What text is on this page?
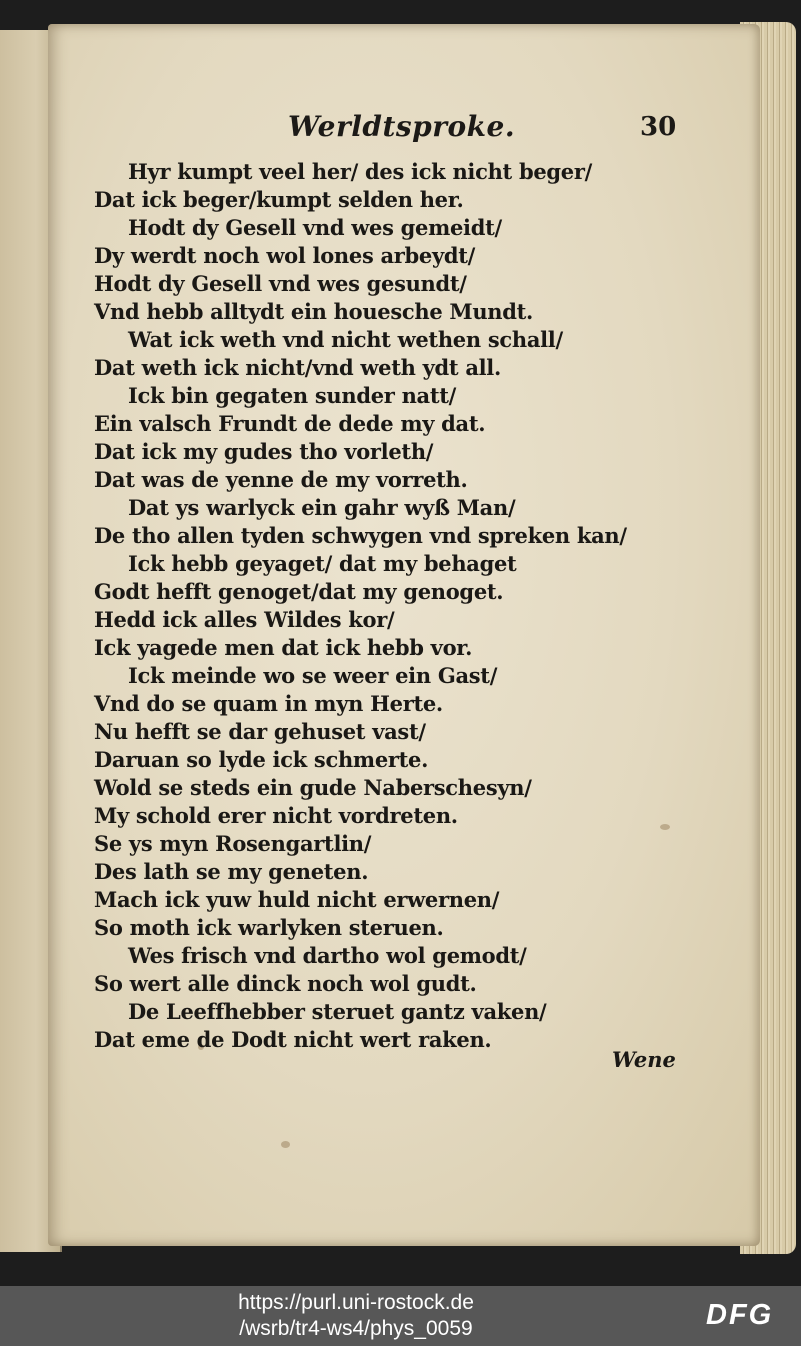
Werldtsproke.	30
Hyr kumpt veel her/ des ick nicht beger/
Dat ick beger/kumpt selden her.
Hodt dy Gesell vnd wes gemeidt/
Dy werdt noch wol lones arbeydt/
Hodt dy Gesell vnd wes gesundt/
Vnd hebb alltydt ein houesche Mundt.
Wat ick weth vnd nicht wethen schall/
Dat weth ick nicht/vnd weth ydt all.
Ick bin gegaten sunder natt/
Ein valsch Frundt de dede my dat.
Dat ick my gudes tho vorleth/
Dat was de yenne de my vorreth.
Dat ys warlyck ein gahr wyß Man/
De tho allen tyden schwygen vnd spreken kan/
Ick hebb geyaget/ dat my behaget
Godt hefft genoget/dat my genoget.
Hedd ick alles Wildes kor/
Ick yagede men dat ick hebb vor.
Ick meinde wo se weer ein Gast/
Vnd do se quam in myn Herte.
Nu hefft se dar gehuset vast/
Daruan so lyde ick schmerte.
Wold se steds ein gude Naberschesyn/
My schold erer nicht vordreten.
Se ys myn Rosengartlin/
Des lath se my geneten.
Mach ick yuw huld nicht erwernen/
So moth ick warlyken steruen.
Wes frisch vnd dartho wol gemodt/
So wert alle dinck noch wol gudt.
De Leeffhebber steruet gantz vaken/
Dat eme de Dodt nicht wert raken.
Wene
https://purl.uni-rostock.de
/wsrb/tr4-ws4/phys_0059	DFG
